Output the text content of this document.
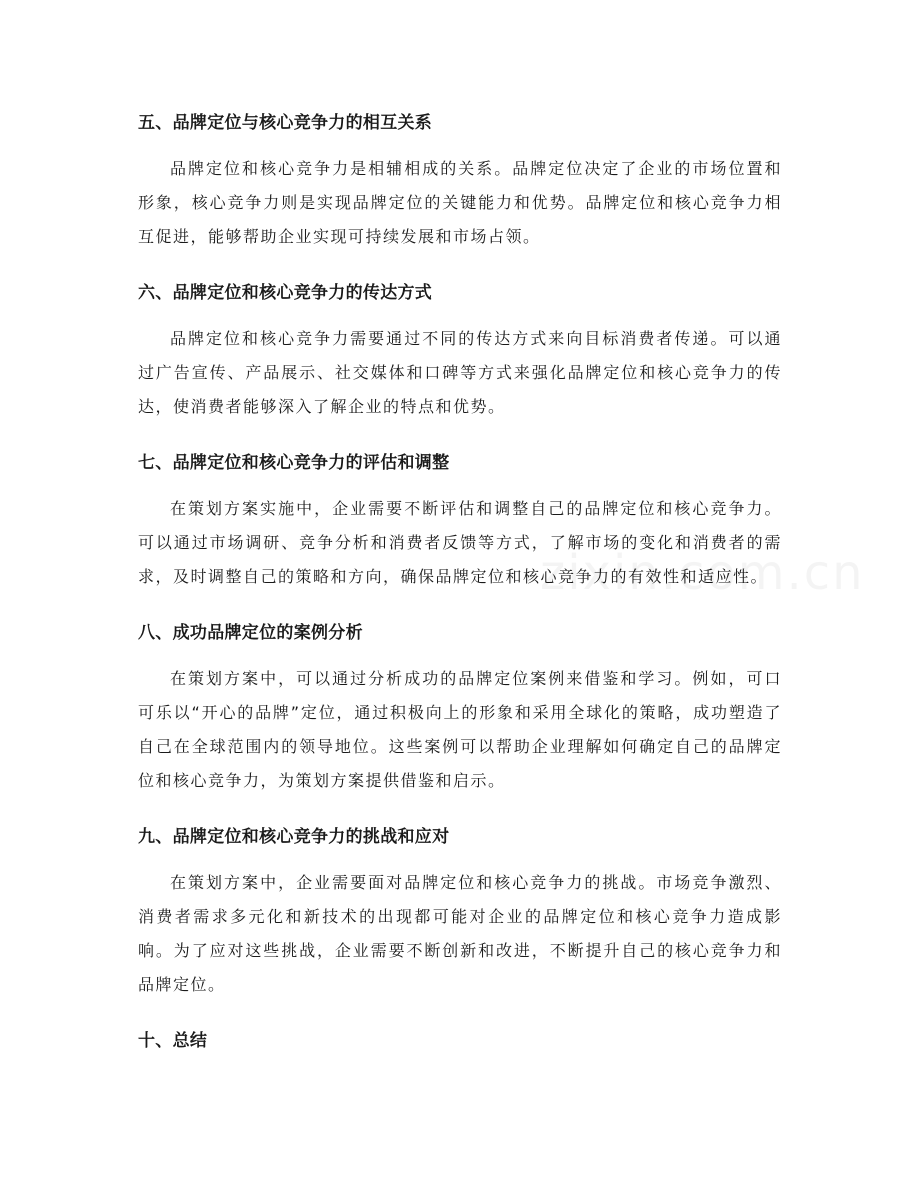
五、品牌定位与核心竞争力的相互关系

品牌定位和核心竞争力是相辅相成的关系。品牌定位决定了企业的市场位置和形象，核心竞争力则是实现品牌定位的关键能力和优势。品牌定位和核心竞争力相互促进，能够帮助企业实现可持续发展和市场占领。

六、品牌定位和核心竞争力的传达方式

品牌定位和核心竞争力需要通过不同的传达方式来向目标消费者传递。可以通过广告宣传、产品展示、社交媒体和口碑等方式来强化品牌定位和核心竞争力的传达，使消费者能够深入了解企业的特点和优势。

七、品牌定位和核心竞争力的评估和调整

在策划方案实施中，企业需要不断评估和调整自己的品牌定位和核心竞争力。可以通过市场调研、竞争分析和消费者反馈等方式，了解市场的变化和消费者的需求，及时调整自己的策略和方向，确保品牌定位和核心竞争力的有效性和适应性。

八、成功品牌定位的案例分析

在策划方案中，可以通过分析成功的品牌定位案例来借鉴和学习。例如，可口可乐以“开心的品牌”定位，通过积极向上的形象和采用全球化的策略，成功塑造了自己在全球范围内的领导地位。这些案例可以帮助企业理解如何确定自己的品牌定位和核心竞争力，为策划方案提供借鉴和启示。

九、品牌定位和核心竞争力的挑战和应对

在策划方案中，企业需要面对品牌定位和核心竞争力的挑战。市场竞争激烈、消费者需求多元化和新技术的出现都可能对企业的品牌定位和核心竞争力造成影响。为了应对这些挑战，企业需要不断创新和改进，不断提升自己的核心竞争力和品牌定位。

十、总结
